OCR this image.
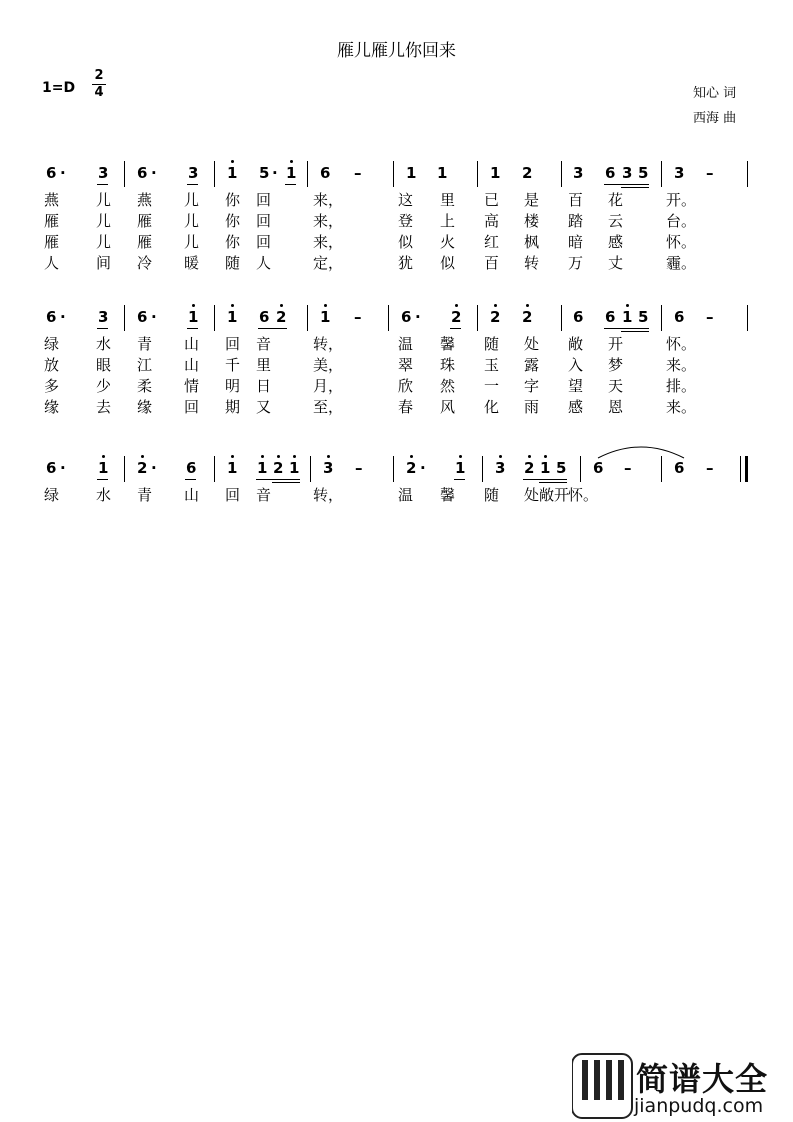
雁儿雁儿你回来
1=D
2
4	知心 词
西海 曲
6 · 3 6 · 3 1 5 · 1 6 –	1 1	1 2	3 6 3 5 3 –
燕 儿 燕 儿 你 回	来，	这 里 已 是 百 花	开。
雁 儿 雁 儿 你 回	来，	登 上 高 楼 踏 云	台。
雁 儿 雁 儿 你 回	来，	似 火 红 枫 暗 感	怀。
人 间 冷 暖 随 人	定，	犹 似 百 转 万 丈	霾。
6 · 3 6 · 1 1 6 2 1 –	6 · 2 2 2	6 6 1 5 6 –
绿 水 青 山 回 音	转，	温 馨 随 处 敞 开	怀。
放 眼 江 山 千 里	美，	翠 珠 玉 露 入 梦	来。
多 少 柔 情 明 日	月，	欣 然 一 字 望 天	排。
缘 去 缘 回 期 又	至，	春 风 化 雨 感 恩	来。
6 · 1 2 · 6 1 1 2 1 3 –	2 · 1 3 2 1 5 6 –	6 –
绿 水 青 山 回 音	转，	温 馨 随 处敞开
怀。
简谱大全
jianpudq.com
